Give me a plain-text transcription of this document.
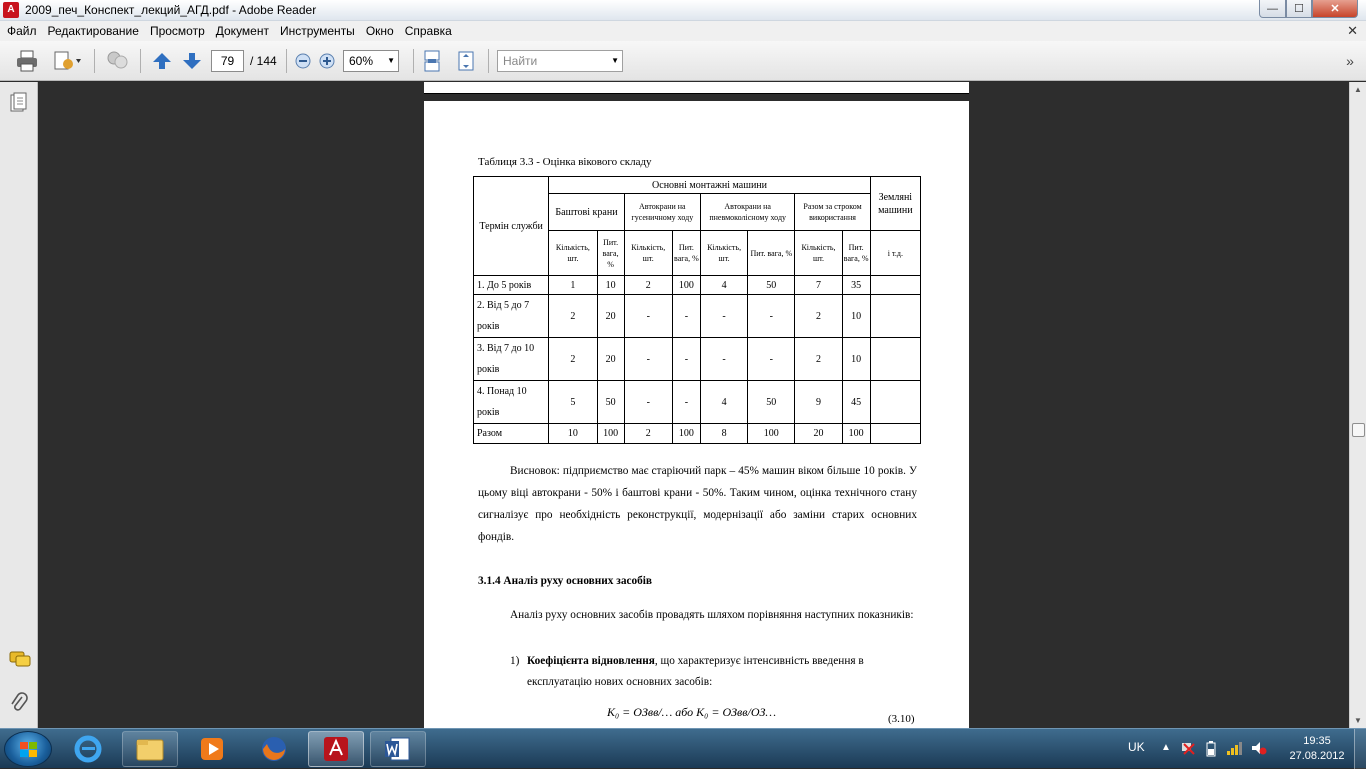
A 2009_печ_Конспект_лекций_АГД.pdf - Adobe Reader	—	☐	✕
Файл Редактирование Просмотр Документ Инструменты Окно Справка	✕
79	/ 144	60% ▼	Найти	▼	»
Таблиця 3.3 - Оцінка вікового складу
Термін служби	Основні монтажні машини								Земляні машини
	Баштові крани		Автокрани на гусеничному ходу		Автокрани на пневмоколісному ходу		Разом за строком використання		
	Кількість, шт.	Пит. вага, %	Кількість, шт.	Пит. вага, %	Кількість, шт.	Пит. вага, %	Кількість, шт.	Пит. вага, %	і т.д.
1. До 5 років	1	10	2	100	4	50	7	35	
2. Від 5 до 7 років	2	20	-	-	-	-	2	10	
3. Від 7 до 10 років	2	20	-	-	-	-	2	10	
4. Понад 10 років	5	50	-	-	4	50	9	45	
Разом	10	100	2	100	8	100	20	100	
Висновок: підприємство має старіючий парк – 45% машин віком більше 10 років. У цьому віці автокрани - 50% і баштові крани - 50%. Таким чином, оцінка технічного стану сигналізує про необхідність реконструкції, модернізації або заміни старих основних фондів.
3.1.4 Аналіз руху основних засобів
Аналіз руху основних засобів провадять шляхом порівняння наступних показників:
1) Коефіцієнта відновлення, що характеризує інтенсивність введення в
експлуатацію нових основних засобів:
K₀ = ОЗвв/… або K₀ = ОЗвв/ОЗ…	(3.10)
▲
▼
UK ▲
19:35
27.08.2012
